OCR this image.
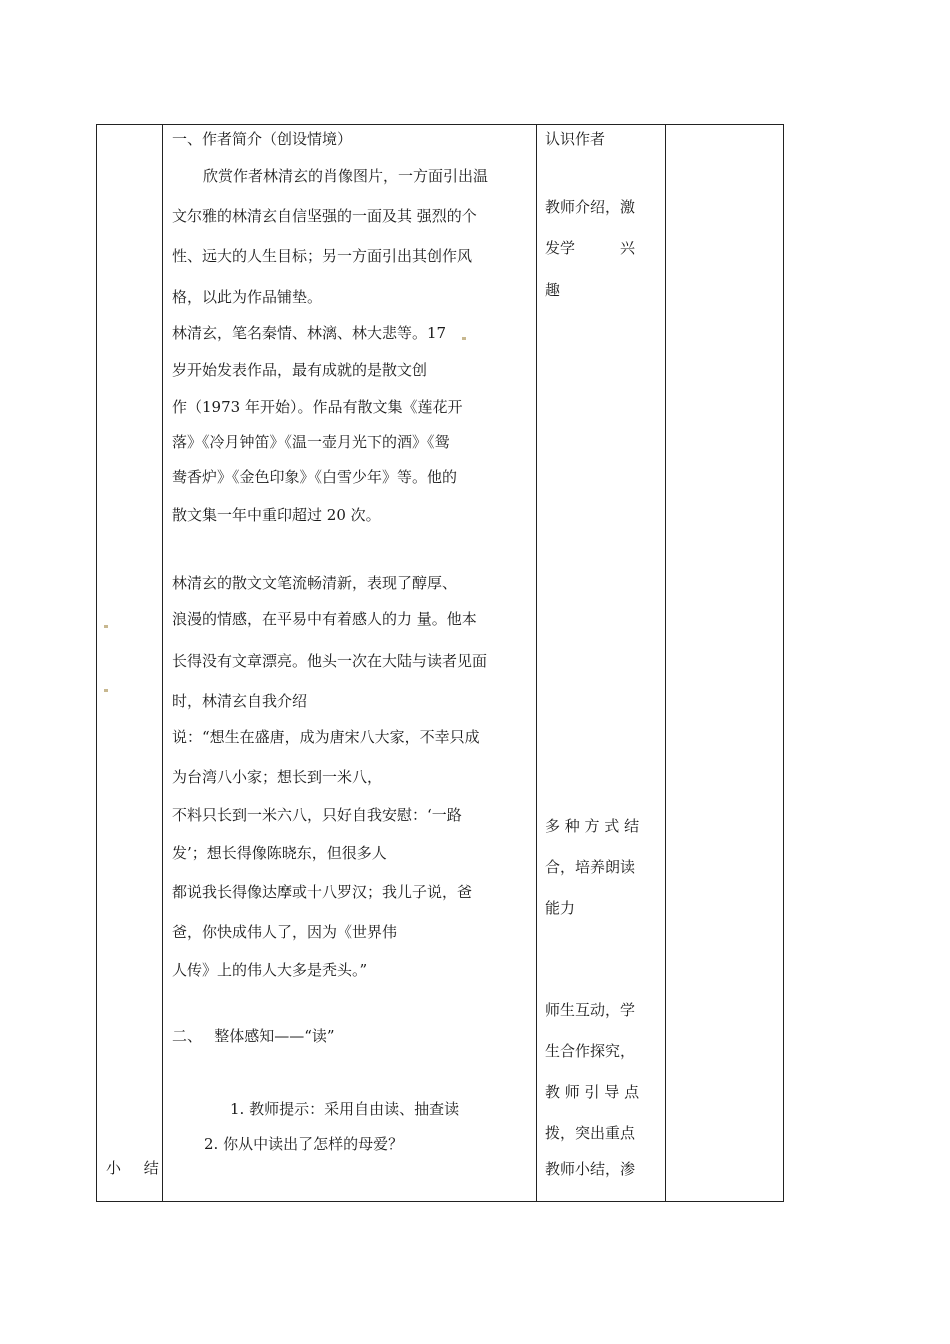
小 结
一、作者简介（创设情境）
欣赏作者林清玄的肖像图片，一方面引出温
文尔雅的林清玄自信坚强的一面及其 强烈的个
性、远大的人生目标；另一方面引出其创作风
格，以此为作品铺垫。
林清玄，笔名秦情、林漓、林大悲等。17
岁开始发表作品，最有成就的是散文创
作（1973 年开始）。作品有散文集《莲花开
落》《冷月钟笛》《温一壶月光下的酒》《鸳
鸯香炉》《金色印象》《白雪少年》等。他的
散文集一年中重印超过 20 次。
林清玄的散文文笔流畅清新，表现了醇厚、
浪漫的情感，在平易中有着感人的力 量。他本
长得没有文章漂亮。他头一次在大陆与读者见面
时，林清玄自我介绍
说：“想生在盛唐，成为唐宋八大家，不幸只成
为台湾八小家；想长到一米八，
不料只长到一米六八，只好自我安慰：‘一路
发’；想长得像陈晓东，但很多人
都说我长得像达摩或十八罗汉；我儿子说，爸
爸，你快成伟人了，因为《世界伟
人传》上的伟人大多是秃头。”
二、　 整体感知——“读”
1. 教师提示：采用自由读、抽查读
2. 你从中读出了怎样的母爱？
认识作者
教师介绍，激
发学　　　兴
趣
多 种 方 式 结
合，培养朗读
能力
师生互动，学
生合作探究，
教 师 引 导 点
拨，突出重点
教师小结，渗
